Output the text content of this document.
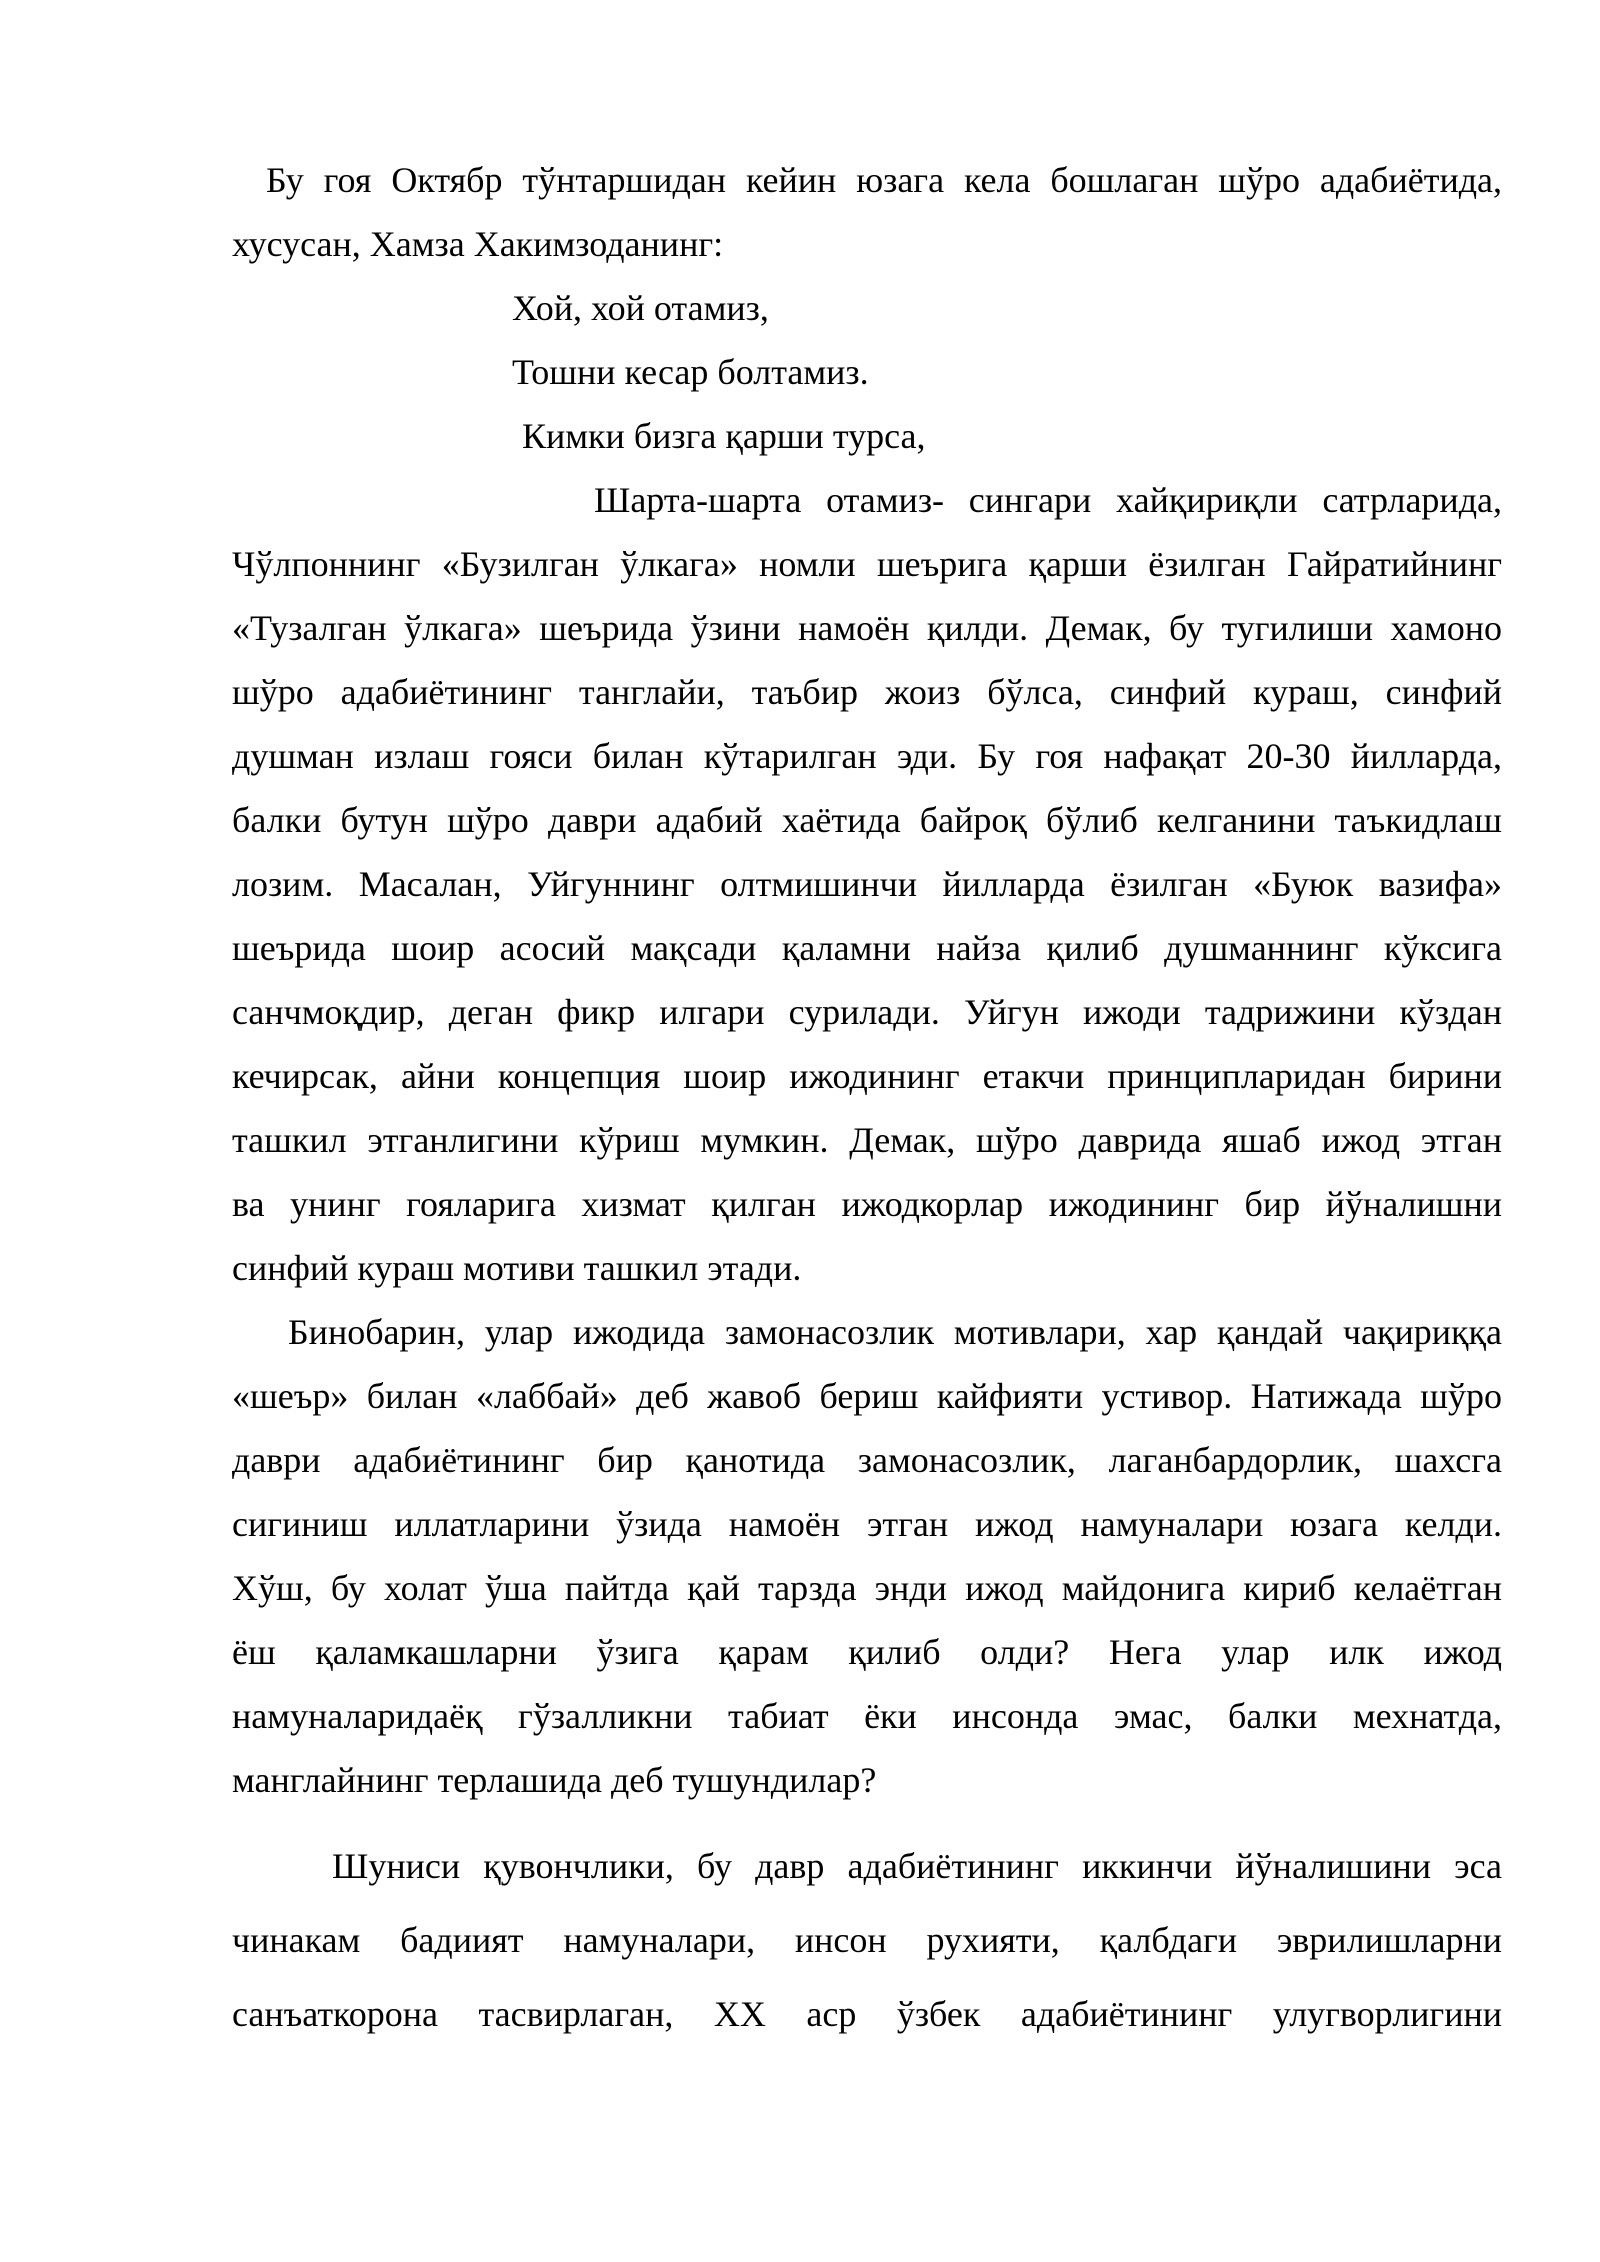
Бу гоя Октябр тўнтаршидан кейин юзага кела бошлаган шўро адабиётида,
хусусан, Хамза Хакимзоданинг:
Хой, хой отамиз,
Тошни кесар болтамиз.
Кимки бизга қарши турса,
Шарта-шарта отамиз- сингари хайқириқли сатрларида,
Чўлпоннинг «Бузилган ўлкага» номли шеърига қарши ёзилган Гайратийнинг
«Тузалган ўлкага» шеърида ўзини намоён қилди. Демак, бу тугилиши хамоно
шўро адабиётининг танглайи, таъбир жоиз бўлса, синфий кураш, синфий
душман излаш гояси билан кўтарилган эди. Бу гоя нафақат 20-30 йилларда,
балки бутун шўро даври адабий хаётида байроқ бўлиб келганини таъкидлаш
лозим. Масалан, Уйгуннинг олтмишинчи йилларда ёзилган «Буюк вазифа»
шеърида шоир асосий мақсади қаламни найза қилиб душманнинг кўксига
санчмоқдир, деган фикр илгари сурилади. Уйгун ижоди тадрижини кўздан
кечирсак, айни концепция шоир ижодининг етакчи принципларидан бирини
ташкил этганлигини кўриш мумкин. Демак, шўро даврида яшаб ижод этган
ва унинг гояларига хизмат қилган ижодкорлар ижодининг бир йўналишни
синфий кураш мотиви ташкил этади.
Бинобарин, улар ижодида замонасозлик мотивлари, хар қандай чақириққа
«шеър» билан «лаббай» деб жавоб бериш кайфияти устивор. Натижада шўро
даври адабиётининг бир қанотида замонасозлик, лаганбардорлик, шахсга
сигиниш иллатларини ўзида намоён этган ижод намуналари юзага келди.
Хўш, бу холат ўша пайтда қай тарзда энди ижод майдонига кириб келаётган
ёш қаламкашларни ўзига қарам қилиб олди? Нега улар илк ижод
намуналаридаёқ гўзалликни табиат ёки инсонда эмас, балки мехнатда,
манглайнинг терлашида деб тушундилар?
Шуниси қувончлики, бу давр адабиётининг иккинчи йўналишини эса
чинакам бадиият намуналари, инсон рухияти, қалбдаги эврилишларни
санъаткорона тасвирлаган, ХХ аср ўзбек адабиётининг улугворлигини
